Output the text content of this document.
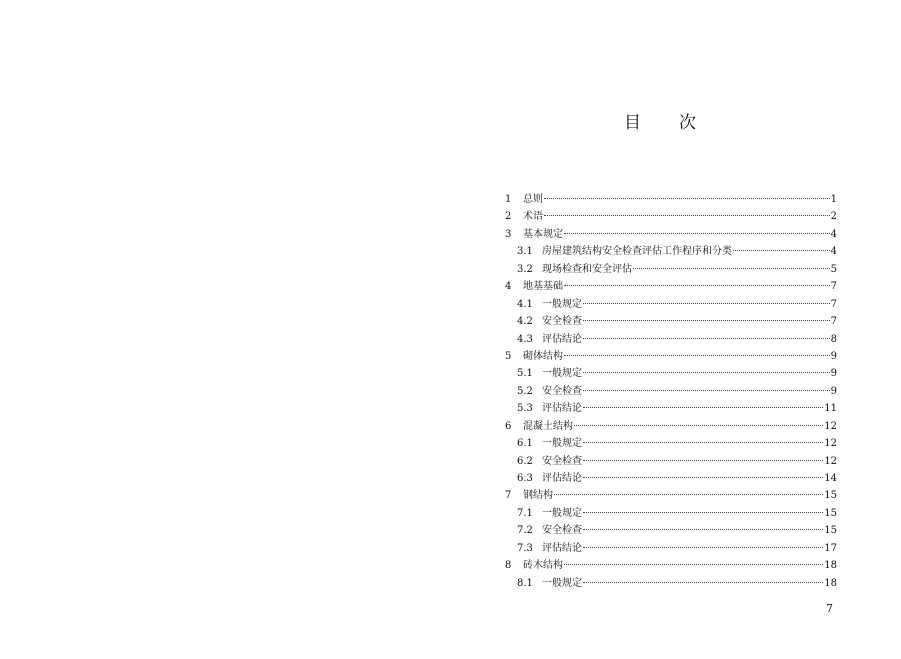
目 次
1	总则	1
2	术语	2
3	基本规定	4
3.1 房屋建筑结构安全检查评估工作程序和分类	4
3.2 现场检查和安全评估	5
4	地基基础	7
4.1 一般规定	7
4.2 安全检查	7
4.3 评估结论	8
5	砌体结构	9
5.1 一般规定	9
5.2 安全检查	9
5.3 评估结论	11
6	混凝土结构	12
6.1 一般规定	12
6.2 安全检查	12
6.3 评估结论	14
7	钢结构	15
7.1 一般规定	15
7.2 安全检查	15
7.3 评估结论	17
8	砖木结构	18
8.1 一般规定	18
7
